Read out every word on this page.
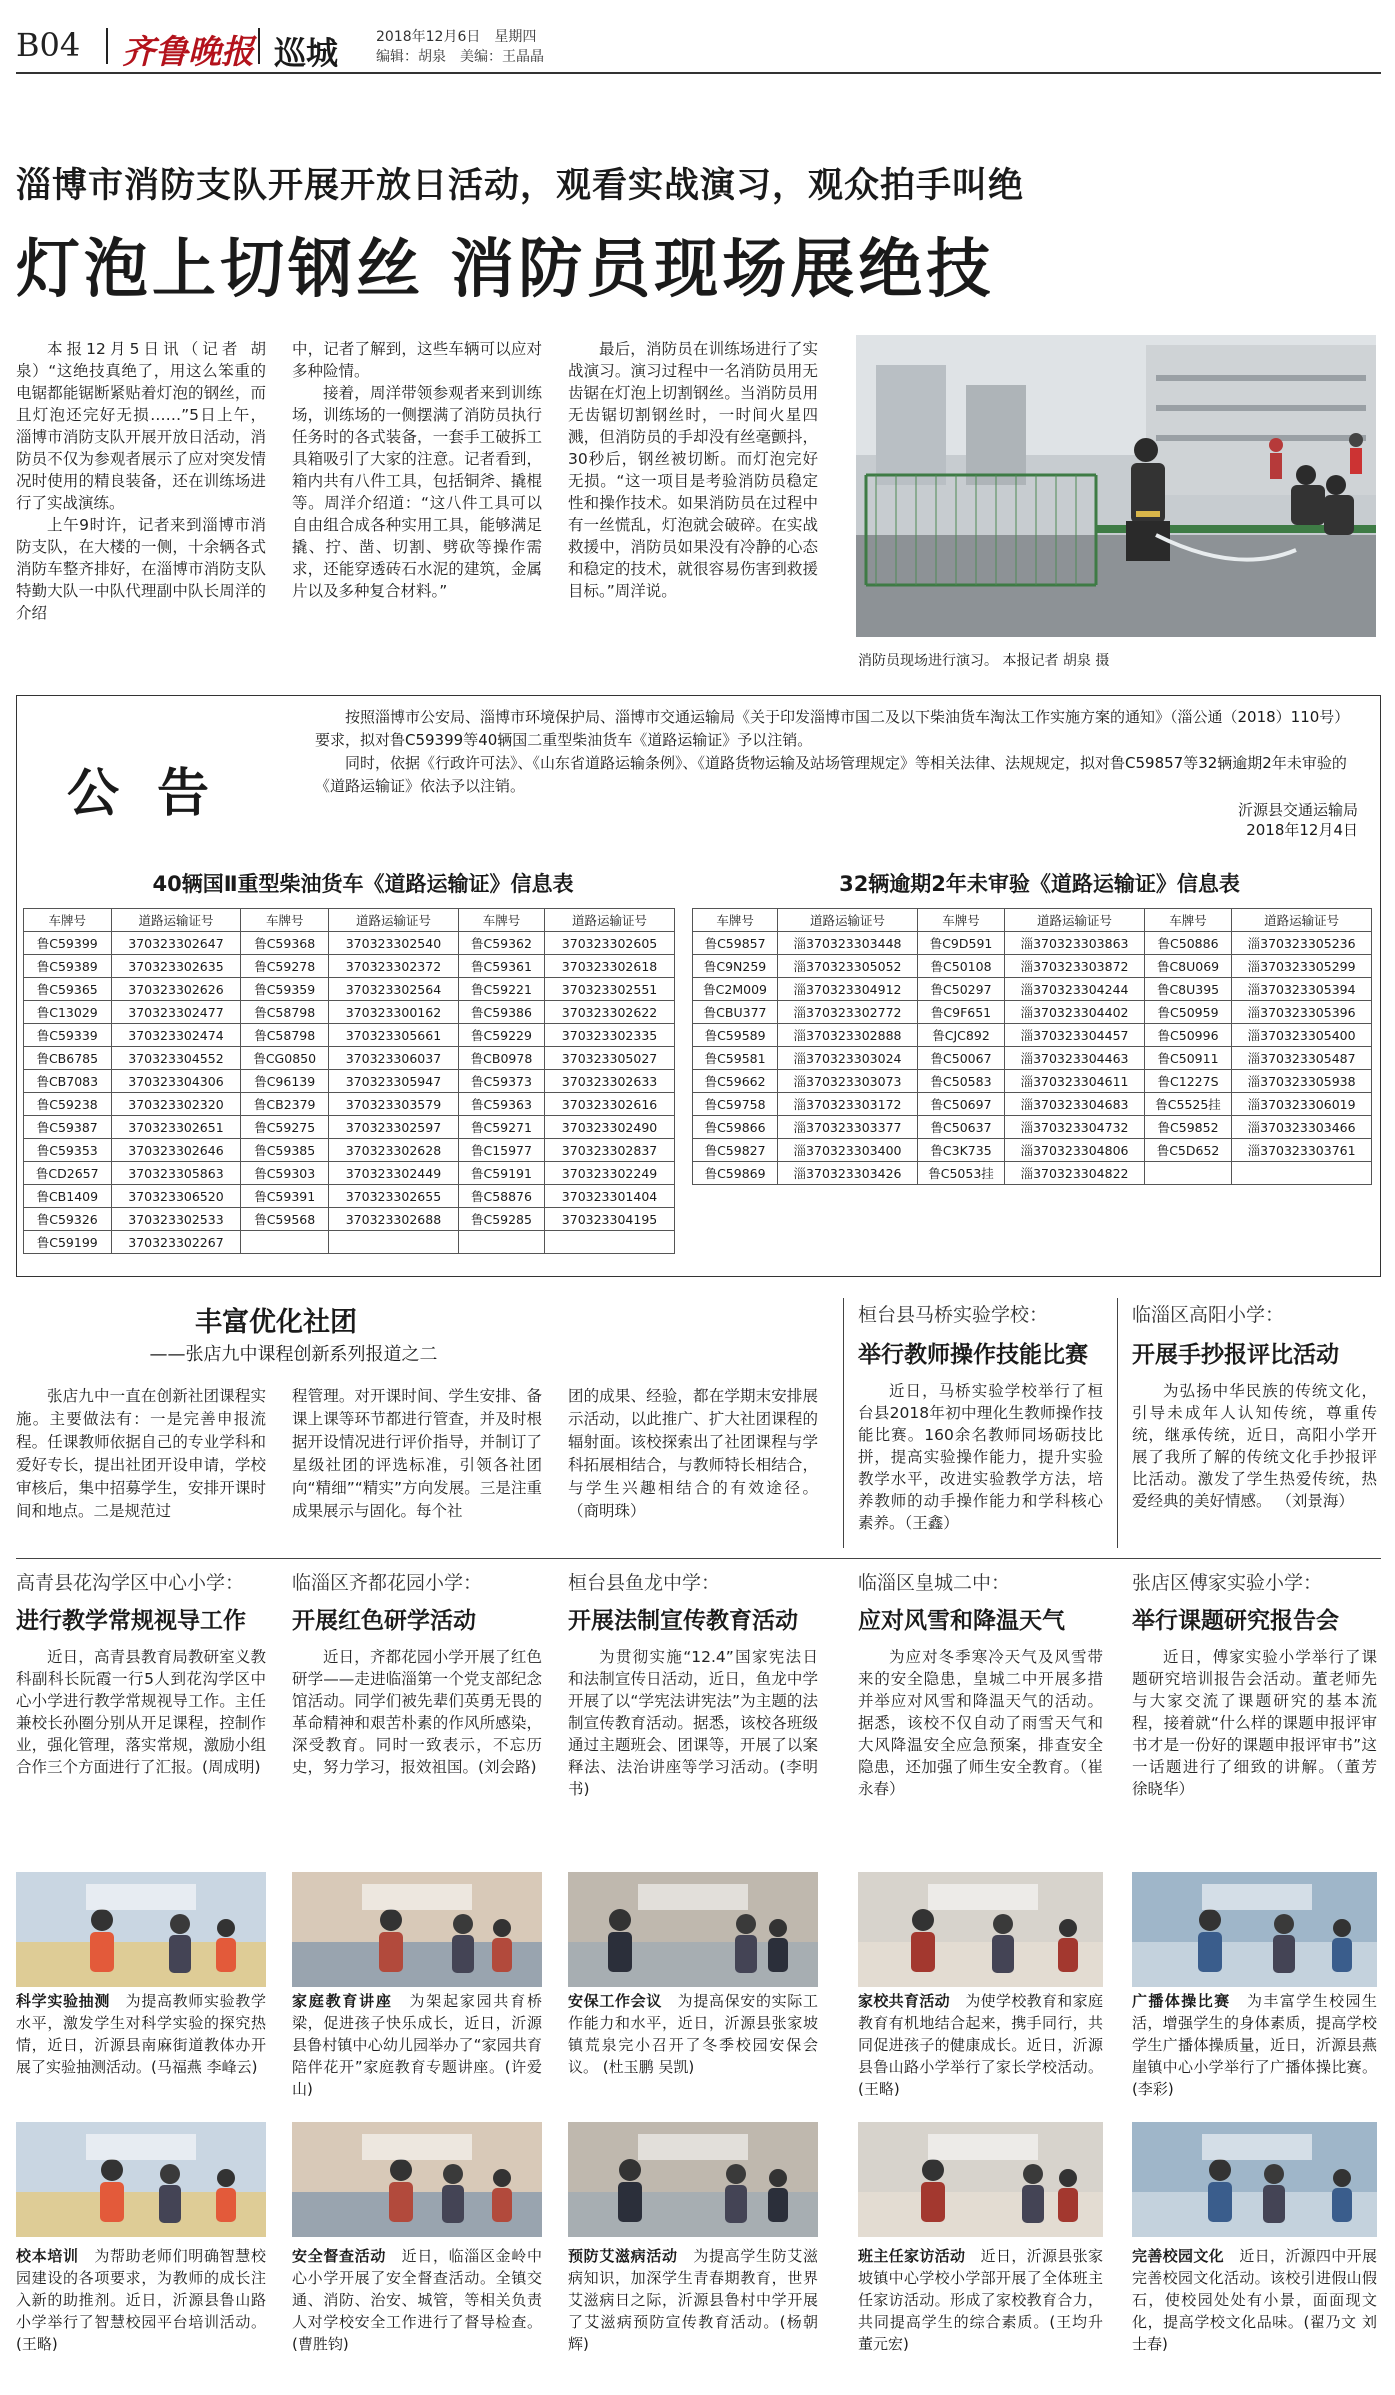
B04 齐鲁晚报 巡城	2018年12月6日　 星期四
编辑：胡泉　 美编：王晶晶
淄博市消防支队开展开放日活动，观看实战演习，观众拍手叫绝
灯泡上切钢丝 消防员现场展绝技

本报12月5日讯（记者 胡泉）“这绝技真绝了，用这么笨重的电锯都能锯断紧贴着灯泡的钢丝，而且灯泡还完好无损……”5日上午，淄博市消防支队开展开放日活动，消防员不仅为参观者展示了应对突发情况时使用的精良装备，还在训练场进行了实战演练。

上午9时许，记者来到淄博市消防支队，在大楼的一侧，十余辆各式消防车整齐排好，在淄博市消防支队特勤大队一中队代理副中队长周洋的介绍

中，记者了解到，这些车辆可以应对多种险情。

接着，周洋带领参观者来到训练场，训练场的一侧摆满了消防员执行任务时的各式装备，一套手工破拆工具箱吸引了大家的注意。记者看到，箱内共有八件工具，包括铜斧、撬棍等。周洋介绍道：“这八件工具可以自由组合成各种实用工具，能够满足撬、拧、凿、切割、劈砍等操作需求，还能穿透砖石水泥的建筑，金属片以及多种复合材料。”

最后，消防员在训练场进行了实战演习。演习过程中一名消防员用无齿锯在灯泡上切割钢丝。当消防员用无齿锯切割钢丝时，一时间火星四溅，但消防员的手却没有丝毫颤抖，30秒后，钢丝被切断。而灯泡完好无损。“这一项目是考验消防员稳定性和操作技术。如果消防员在过程中有一丝慌乱，灯泡就会破碎。在实战救援中，消防员如果没有冷静的心态和稳定的技术，就很容易伤害到救援目标。”周洋说。

消防员现场进行演习。 本报记者 胡泉 摄
公告

按照淄博市公安局、淄博市环境保护局、淄博市交通运输局《关于印发淄博市国二及以下柴油货车淘汰工作实施方案的通知》（淄公通（2018）110号）要求，拟对鲁C59399等40辆国二重型柴油货车《道路运输证》予以注销。

同时，依据《行政许可法》、《山东省道路运输条例》、《道路货物运输及站场管理规定》等相关法律、法规规定，拟对鲁C59857等32辆逾期2年未审验的《道路运输证》依法予以注销。

沂源县交通运输局
2018年12月4日
40辆国Ⅱ重型柴油货车《道路运输证》信息表	32辆逾期2年未审验《道路运输证》信息表
车牌号	道路运输证号	车牌号	道路运输证号	车牌号	道路运输证号
鲁C59399	370323302647	鲁C59368	370323302540	鲁C59362	370323302605
鲁C59389	370323302635	鲁C59278	370323302372	鲁C59361	370323302618
鲁C59365	370323302626	鲁C59359	370323302564	鲁C59221	370323302551
鲁C13029	370323302477	鲁C58798	370323300162	鲁C59386	370323302622
鲁C59339	370323302474	鲁C58798	370323305661	鲁C59229	370323302335
鲁CB6785	370323304552	鲁CG0850	370323306037	鲁CB0978	370323305027
鲁CB7083	370323304306	鲁C96139	370323305947	鲁C59373	370323302633
鲁C59238	370323302320	鲁CB2379	370323303579	鲁C59363	370323302616
鲁C59387	370323302651	鲁C59275	370323302597	鲁C59271	370323302490
鲁C59353	370323302646	鲁C59385	370323302628	鲁C15977	370323302837
鲁CD2657	370323305863	鲁C59303	370323302449	鲁C59191	370323302249
鲁CB1409	370323306520	鲁C59391	370323302655	鲁C58876	370323301404
鲁C59326	370323302533	鲁C59568	370323302688	鲁C59285	370323304195
鲁C59199	370323302267				
车牌号	道路运输证号	车牌号	道路运输证号	车牌号	道路运输证号
鲁C59857	淄370323303448	鲁C9D591	淄370323303863	鲁C50886	淄370323305236
鲁C9N259	淄370323305052	鲁C50108	淄370323303872	鲁C8U069	淄370323305299
鲁C2M009	淄370323304912	鲁C50297	淄370323304244	鲁C8U395	淄370323305394
鲁CBU377	淄370323302772	鲁C9F651	淄370323304402	鲁C50959	淄370323305396
鲁C59589	淄370323302888	鲁CJC892	淄370323304457	鲁C50996	淄370323305400
鲁C59581	淄370323303024	鲁C50067	淄370323304463	鲁C50911	淄370323305487
鲁C59662	淄370323303073	鲁C50583	淄370323304611	鲁C1227S	淄370323305938
鲁C59758	淄370323303172	鲁C50697	淄370323304683	鲁C5525挂	淄370323306019
鲁C59866	淄370323303377	鲁C50637	淄370323304732	鲁C59852	淄370323303466
鲁C59827	淄370323303400	鲁C3K735	淄370323304806	鲁C5D652	淄370323303761
鲁C59869	淄370323303426	鲁C5053挂	淄370323304822		
丰富优化社团
——张店九中课程创新系列报道之二

张店九中一直在创新社团课程实施。主要做法有：一是完善申报流程。任课教师依据自己的专业学科和爱好专长，提出社团开设申请，学校审核后，集中招募学生，安排开课时间和地点。二是规范过

程管理。对开课时间、学生安排、备课上课等环节都进行管查，并及时根据开设情况进行评价指导，并制订了星级社团的评选标准，引领各社团向“精细”“精实”方向发展。三是注重成果展示与固化。每个社

团的成果、经验，都在学期末安排展示活动，以此推广、扩大社团课程的辐射面。该校探索出了社团课程与学科拓展相结合，与教师特长相结合，与学生兴趣相结合的有效途径。 （商明珠）

桓台县马桥实验学校：
举行教师操作技能比赛

近日，马桥实验学校举行了桓台县2018年初中理化生教师操作技能比赛。160余名教师同场砺技比拼，提高实验操作能力，提升实验教学水平，改进实验教学方法，培养教师的动手操作能力和学科核心素养。（王鑫）

临淄区高阳小学：
开展手抄报评比活动

为弘扬中华民族的传统文化，引导未成年人认知传统，尊重传统，继承传统，近日，高阳小学开展了我所了解的传统文化手抄报评比活动。激发了学生热爱传统，热爱经典的美好情感。 （刘景海）

高青县花沟学区中心小学：
进行教学常规视导工作

近日，高青县教育局教研室义教科副科长阮霞一行5人到花沟学区中心小学进行教学常规视导工作。主任兼校长孙圈分别从开足课程，控制作业，强化管理，落实常规，激励小组合作三个方面进行了汇报。(周成明)

临淄区齐都花园小学：
开展红色研学活动

近日，齐都花园小学开展了红色研学——走进临淄第一个党支部纪念馆活动。同学们被先辈们英勇无畏的革命精神和艰苦朴素的作风所感染，深受教育。同时一致表示，不忘历史，努力学习，报效祖国。(刘会路)

桓台县鱼龙中学：
开展法制宣传教育活动

为贯彻实施“12.4”国家宪法日和法制宣传日活动，近日，鱼龙中学开展了以“学宪法讲宪法”为主题的法制宣传教育活动。据悉，该校各班级通过主题班会、团课等，开展了以案释法、法治讲座等学习活动。(李明书)

临淄区皇城二中：
应对风雪和降温天气

为应对冬季寒冷天气及风雪带来的安全隐患，皇城二中开展多措并举应对风雪和降温天气的活动。据悉，该校不仅自动了雨雪天气和大风降温安全应急预案，排查安全隐患，还加强了师生安全教育。（崔永春）

张店区傅家实验小学：
举行课题研究报告会

近日，傅家实验小学举行了课题研究培训报告会活动。董老师先与大家交流了课题研究的基本流程，接着就“什么样的课题申报评审书才是一份好的课题申报评审书”这一话题进行了细致的讲解。（董芳 徐晓华）

科学实验抽测　 为提高教师实验教学水平，激发学生对科学实验的探究热情，近日，沂源县南麻街道教体办开展了实验抽测活动。(马福燕 李峰云)
家庭教育讲座　 为架起家园共育桥梁，促进孩子快乐成长，近日，沂源县鲁村镇中心幼儿园举办了“家园共育 陪伴花开”家庭教育专题讲座。(许爱山)
安保工作会议　 为提高保安的实际工作能力和水平，近日，沂源县张家坡镇荒泉完小召开了冬季校园安保会议。 (杜玉鹏 吴凯)
家校共育活动　 为使学校教育和家庭教育有机地结合起来，携手同行，共同促进孩子的健康成长。近日，沂源县鲁山路小学举行了家长学校活动。(王略)
广播体操比赛　 为丰富学生校园生活，增强学生的身体素质，提高学校学生广播体操质量，近日，沂源县燕崖镇中心小学举行了广播体操比赛。(李彩)
校本培训　 为帮助老师们明确智慧校园建设的各项要求，为教师的成长注入新的助推剂。近日，沂源县鲁山路小学举行了智慧校园平台培训活动。(王略)
安全督查活动　 近日，临淄区金岭中心小学开展了安全督查活动。全镇交通、消防、治安、城管，等相关负责人对学校安全工作进行了督导检查。(曹胜钧)
预防艾滋病活动　 为提高学生防艾滋病知识，加深学生青春期教育，世界艾滋病日之际，沂源县鲁村中学开展了艾滋病预防宣传教育活动。(杨朝辉)
班主任家访活动　 近日，沂源县张家坡镇中心学校小学部开展了全体班主任家访活动。形成了家校教育合力，共同提高学生的综合素质。(王均升 董元宏)
完善校园文化　 近日，沂源四中开展完善校园文化活动。该校引进假山假石，使校园处处有小景，面面现文化，提高学校文化品味。(翟乃文 刘士春)
